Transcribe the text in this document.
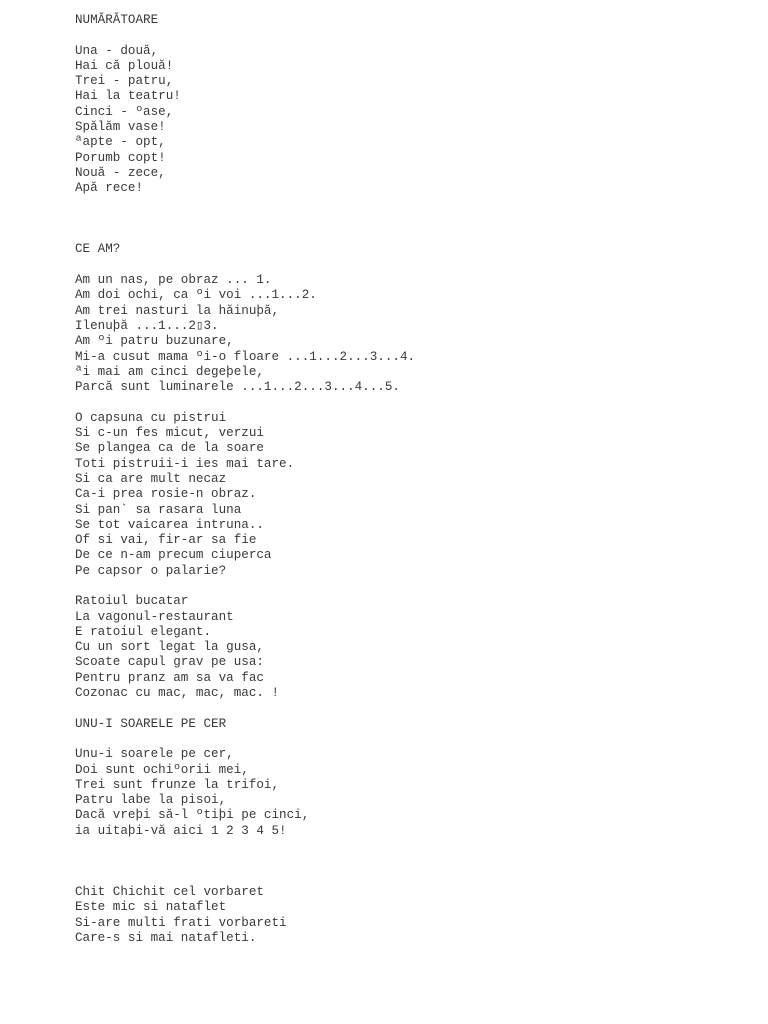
NUMĂRĂTOARE
Una - două,
Hai că plouă!
Trei - patru,
Hai la teatru!
Cinci - ºase,
Spălăm vase!
ªapte - opt,
Porumb copt!
Nouă - zece,
Apă rece!
CE AM?
Am un nas, pe obraz ... 1.
Am doi ochi, ca ºi voi ...1...2.
Am trei nasturi la hăinuþă,
Ilenuþă ...1...2▯3.
Am ºi patru buzunare,
Mi-a cusut mama ºi-o floare ...1...2...3...4.
ªi mai am cinci degeþele,
Parcă sunt luminarele ...1...2...3...4...5.
O capsuna cu pistrui
Si c-un fes micut, verzui
Se plangea ca de la soare
Toti pistruii-i ies mai tare.
Si ca are mult necaz
Ca-i prea rosie-n obraz.
Si pan` sa rasara luna
Se tot vaicarea intruna..
Of si vai, fir-ar sa fie
De ce n-am precum ciuperca
Pe capsor o palarie?
Ratoiul bucatar
La vagonul-restaurant
E ratoiul elegant.
Cu un sort legat la gusa,
Scoate capul grav pe usa:
Pentru pranz am sa va fac
Cozonac cu mac, mac, mac. !
UNU-I SOARELE PE CER
Unu-i soarele pe cer,
Doi sunt ochiºorii mei,
Trei sunt frunze la trifoi,
Patru labe la pisoi,
Dacă vreþi să-l ºtiþi pe cinci,
ia uitaþi-vă aici 1 2 3 4 5!
Chit Chichit cel vorbaret
Este mic si nataflet
Si-are multi frati vorbareti
Care-s si mai natafleti.
